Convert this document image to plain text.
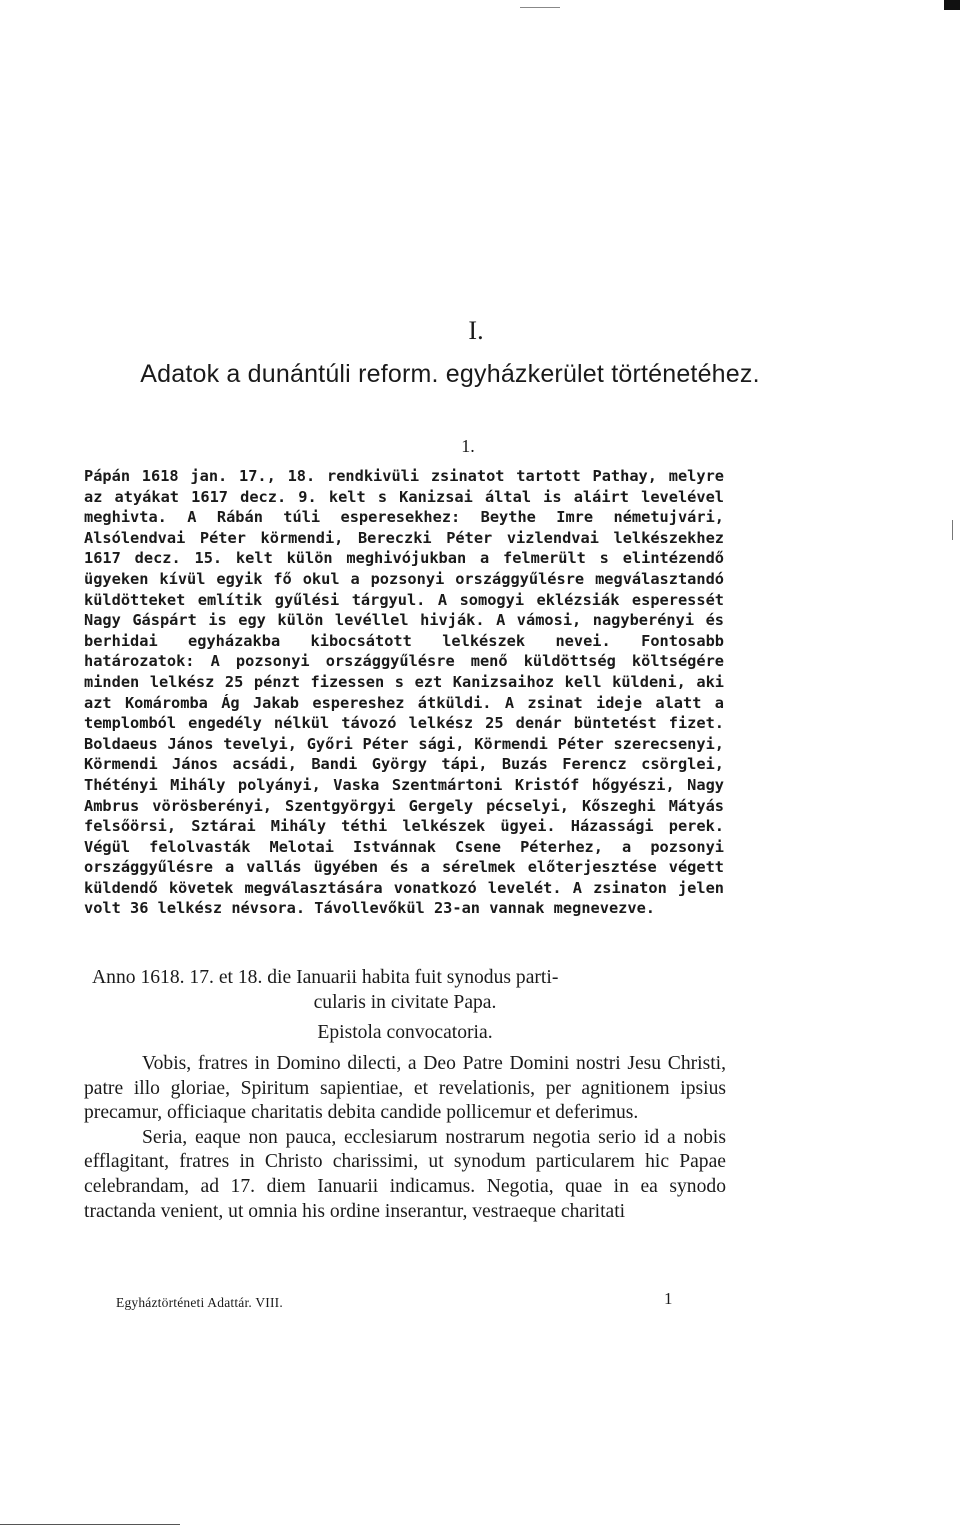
I.
Adatok a dunántúli reform. egyházkerület történetéhez.
1.

Pápán 1618 jan. 17., 18. rendkivüli zsinatot tartott Pathay, melyre az atyákat 1617 decz. 9. kelt s Kanizsai által is aláirt levelével meghivta. A Rábán túli esperesekhez: Beythe Imre németujvári, Alsólendvai Péter körmendi, Bereczki Péter vizlendvai lelkészekhez 1617 decz. 15. kelt külön meghivójukban a felmerült s elintézendő ügyeken kívül egyik fő okul a pozsonyi országgyűlésre megválasztandó küldötteket említik gyűlési tárgyul. A somogyi eklézsiák esperessét Nagy Gáspárt is egy külön levéllel hivják. A vámosi, nagyberényi és berhidai egyházakba kibocsátott lelkészek nevei. Fontosabb határozatok: A pozsonyi országgyűlésre menő küldöttség költségére minden lelkész 25 pénzt fizessen s ezt Kanizsaihoz kell küldeni, aki azt Komáromba Ág Jakab espereshez átküldi. A zsinat ideje alatt a templomból engedély nélkül távozó lelkész 25 denár büntetést fizet. Boldaeus János tevelyi, Győri Péter sági, Körmendi Péter szerecsenyi, Körmendi János acsádi, Bandi György tápi, Buzás Ferencz csörglei, Thétényi Mihály polyányi, Vaska Szentmártoni Kristóf hőgyészi, Nagy Ambrus vörösberényi, Szentgyörgyi Gergely pécselyi, Kőszeghi Mátyás felsőörsi, Sztárai Mihály téthi lelkészek ügyei. Házassági perek. Végül felolvasták Melotai Istvánnak Csene Péterhez, a pozsonyi országgyűlésre a vallás ügyében és a sérelmek előterjesztése végett küldendő követek megválasztására vonatkozó levelét. A zsinaton jelen volt 36 lelkész névsora. Távollevőkül 23-an vannak megnevezve.

Anno 1618. 17. et 18. die Ianuarii habita fuit synodus parti-

cularis in civitate Papa.

Epistola convocatoria.

Vobis, fratres in Domino dilecti, a Deo Patre Domini nostri Jesu Christi, patre illo gloriae, Spiritum sapientiae, et revelationis, per agnitionem ipsius precamur, officiaque charitatis debita candide pollicemur et deferimus.

Seria, eaque non pauca, ecclesiarum nostrarum negotia serio id a nobis efflagitant, fratres in Christo charissimi, ut synodum particularem hic Papae celebrandam, ad 17. diem Ianuarii indicamus. Negotia, quae in ea synodo tractanda venient, ut omnia his ordine inserantur, vestraeque charitati

Egyháztörténeti Adattár. VIII.	1
